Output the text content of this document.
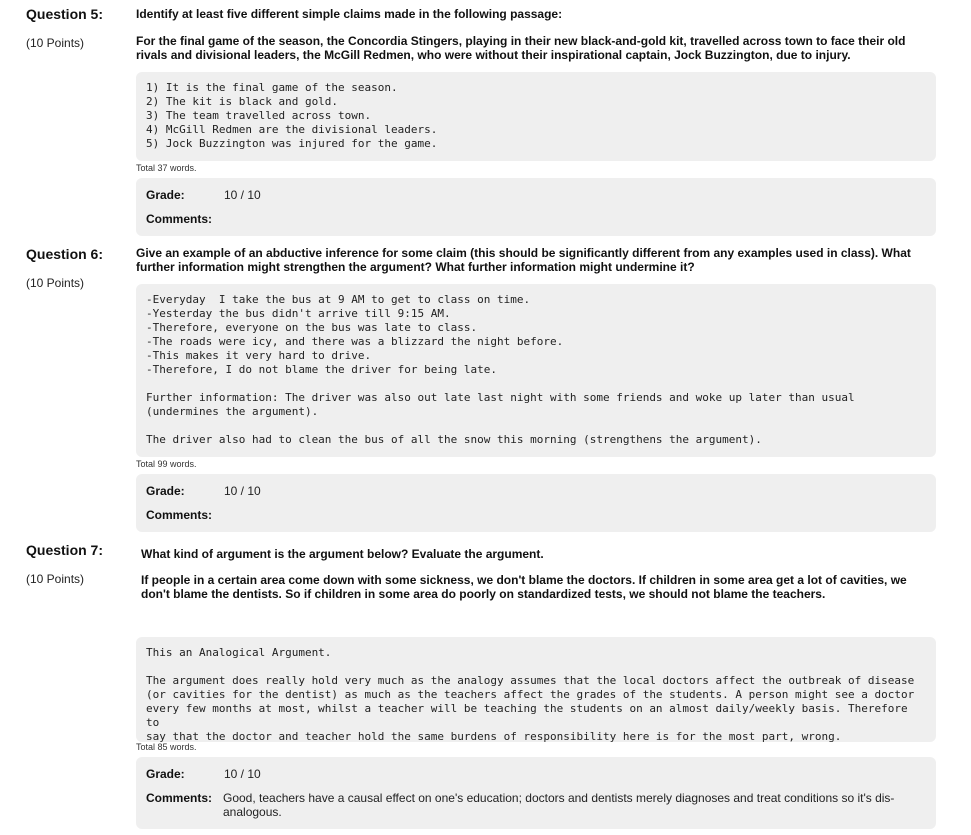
Question 5:
(10 Points)
Identify at least five different simple claims made in the following passage:
For the final game of the season, the Concordia Stingers, playing in their new black-and-gold kit, travelled across town to face their old rivals and divisional leaders, the McGill Redmen, who were without their inspirational captain, Jock Buzzington, due to injury.
1) It is the final game of the season.
2) The kit is black and gold.
3) The team travelled across town.
4) McGill Redmen are the divisional leaders.
5) Jock Buzzington was injured for the game.
Total 37 words.
Grade:	10 / 10
Comments:
Question 6:
(10 Points)
Give an example of an abductive inference for some claim (this should be significantly different from any examples used in class). What further information might strengthen the argument? What further information might undermine it?
-Everyday  I take the bus at 9 AM to get to class on time.
-Yesterday the bus didn't arrive till 9:15 AM.
-Therefore, everyone on the bus was late to class.
-The roads were icy, and there was a blizzard the night before.
-This makes it very hard to drive.
-Therefore, I do not blame the driver for being late.

Further information: The driver was also out late last night with some friends and woke up later than usual
(undermines the argument).

The driver also had to clean the bus of all the snow this morning (strengthens the argument).
Total 99 words.
Grade:	10 / 10
Comments:
Question 7:
(10 Points)
What kind of argument is the argument below? Evaluate the argument.
If people in a certain area come down with some sickness, we don't blame the doctors. If children in some area get a lot of cavities, we don't blame the dentists. So if children in some area do poorly on standardized tests, we should not blame the teachers.
This an Analogical Argument.

The argument does really hold very much as the analogy assumes that the local doctors affect the outbreak of disease
(or cavities for the dentist) as much as the teachers affect the grades of the students. A person might see a doctor
every few months at most, whilst a teacher will be teaching the students on an almost daily/weekly basis. Therefore to
say that the doctor and teacher hold the same burdens of responsibility here is for the most part, wrong.
Total 85 words.
Grade:	10 / 10
Comments: Good, teachers have a causal effect on one's education; doctors and dentists merely diagnoses and treat conditions so it's dis-analogous.
